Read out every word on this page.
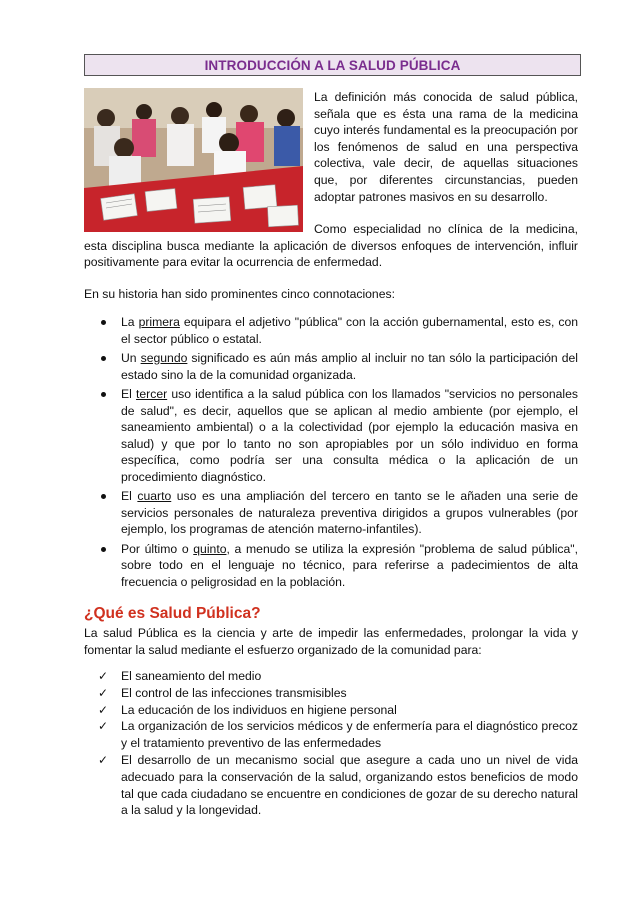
INTRODUCCIÓN A LA SALUD PÚBLICA

La definición más conocida de salud pública, señala que es ésta una rama de la medicina cuyo interés fundamental es la preocupación por los fenómenos de salud en una perspectiva colectiva, vale decir, de aquellas situaciones que, por diferentes circunstancias, pueden adoptar patrones masivos en su desarrollo.

Como especialidad no clínica de la medicina, esta disciplina busca mediante la aplicación de diversos enfoques de intervención, influir positivamente para evitar la ocurrencia de enfermedad.

En su historia han sido prominentes cinco connotaciones:

La primera equipara el adjetivo "pública" con la acción gubernamental, esto es, con el sector público o estatal.
Un segundo significado es aún más amplio al incluir no tan sólo la participación del estado sino la de la comunidad organizada.
El tercer uso identifica a la salud pública con los llamados "servicios no personales de salud", es decir, aquellos que se aplican al medio ambiente (por ejemplo, el saneamiento ambiental) o a la colectividad (por ejemplo la educación masiva en salud) y que por lo tanto no son apropiables por un sólo individuo en forma específica, como podría ser una consulta médica o la aplicación de un procedimiento diagnóstico.
El cuarto uso es una ampliación del tercero en tanto se le añaden una serie de servicios personales de naturaleza preventiva dirigidos a grupos vulnerables (por ejemplo, los programas de atención materno-infantiles).
Por último o quinto, a menudo se utiliza la expresión "problema de salud pública", sobre todo en el lenguaje no técnico, para referirse a padecimientos de alta frecuencia o peligrosidad en la población.
¿Qué es Salud Pública?

La salud Pública es la ciencia y arte de impedir las enfermedades, prolongar la vida y fomentar la salud mediante el esfuerzo organizado de la comunidad para:

✓ El saneamiento del medio
✓ El control de las infecciones transmisibles
✓ La educación de los individuos en higiene personal
✓ La organización de los servicios médicos y de enfermería para el diagnóstico precoz y el tratamiento preventivo de las enfermedades
✓ El desarrollo de un mecanismo social que asegure a cada uno un nivel de vida adecuado para la conservación de la salud, organizando estos beneficios de modo tal que cada ciudadano se encuentre en condiciones de gozar de su derecho natural a la salud y la longevidad.
